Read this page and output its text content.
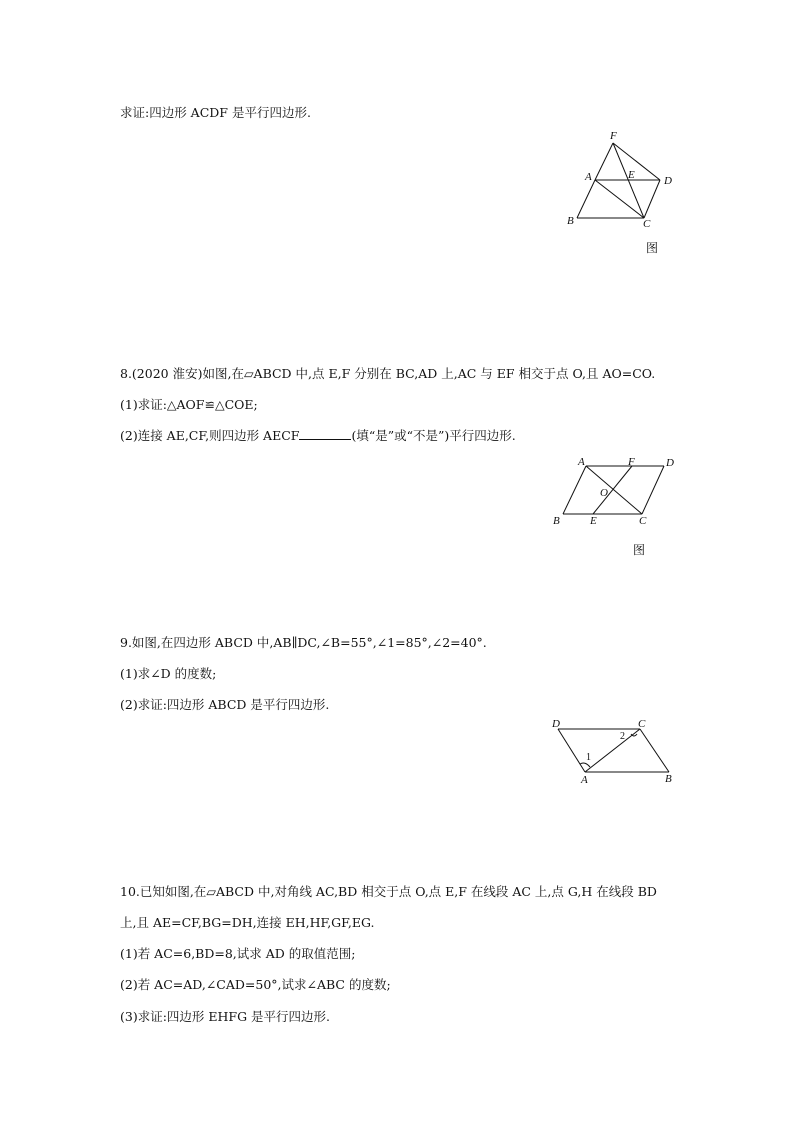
求证:四边形 ACDF 是平行四边形.
F
A	E	D
B	C
图
8.(2020 淮安)如图,在▱ABCD 中,点 E,F 分别在 BC,AD 上,AC 与 EF 相交于点 O,且 AO=CO.
(1)求证:△AOF≌△COE;
(2)连接 AE,CF,则四边形 AECF	(填“是”或“不是”)平行四边形.
A	F	D
O
B	E	C
图
9.如图,在四边形 ABCD 中,AB∥DC,∠B=55°,∠1=85°,∠2=40°.
(1)求∠D 的度数;
(2)求证:四边形 ABCD 是平行四边形.
D	C
A	B
1
2
10.已知如图,在▱ABCD 中,对角线 AC,BD 相交于点 O,点 E,F 在线段 AC 上,点 G,H 在线段 BD
上,且 AE=CF,BG=DH,连接 EH,HF,GF,EG.
(1)若 AC=6,BD=8,试求 AD 的取值范围;
(2)若 AC=AD,∠CAD=50°,试求∠ABC 的度数;
(3)求证:四边形 EHFG 是平行四边形.
